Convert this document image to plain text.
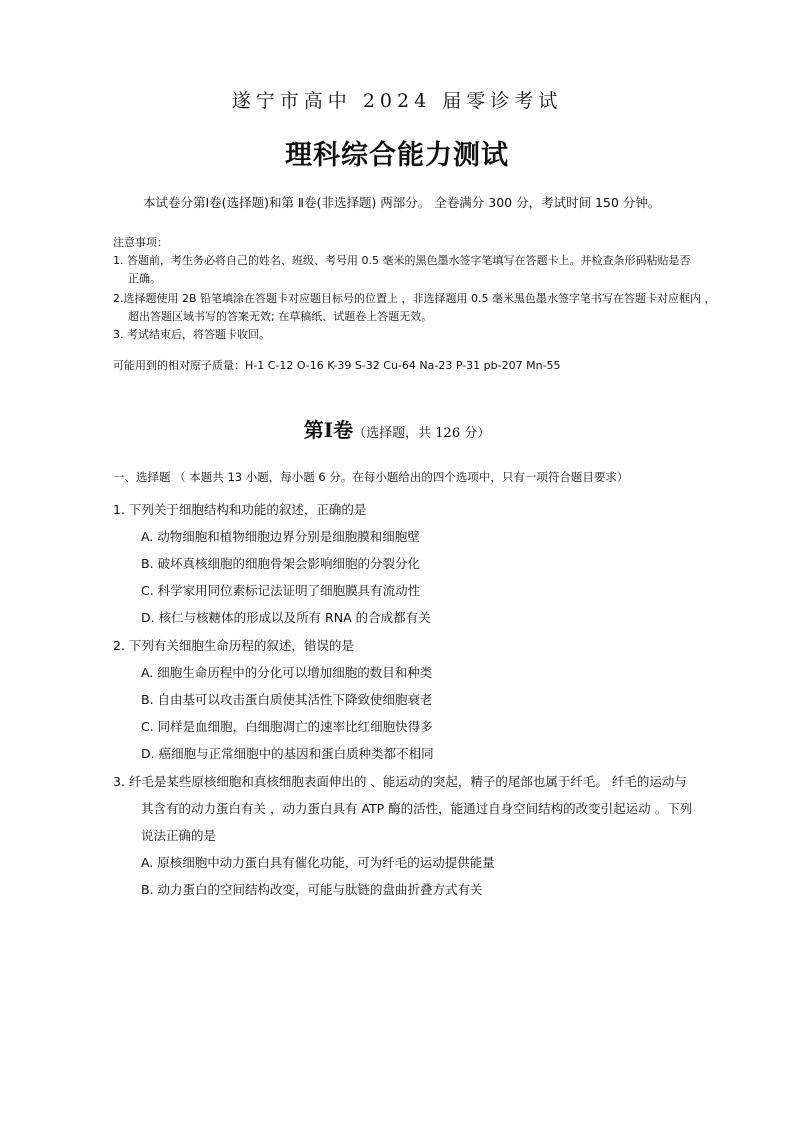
遂宁市高中 2024 届零诊考试
理科综合能力测试
本试卷分第Ⅰ卷(选择题)和第 Ⅱ卷(非选择题) 两部分。 全卷满分 300 分，考试时间 150 分钟。
注意事项：
1. 答题前，考生务必将自己的姓名、班级、考号用 0.5 毫米的黑色墨水签字笔填写在答题卡上。并检查条形码粘贴是否
正确。
2.选择题使用 2B 铅笔填涂在答题卡对应题目标号的位置上 ，非选择题用 0.5 毫米黑色墨水签字笔书写在答题卡对应框内 ，
超出答题区域书写的答案无效; 在草稿纸、试题卷上答题无效。
3. 考试结束后，将答题卡收回。
可能用到的相对原子质量：H-1 C-12 O-16 K-39 S-32 Cu-64 Na-23 P-31 pb-207 Mn-55
第Ⅰ卷（选择题，共 126 分）
一、选择题 （ 本题共 13 小题，每小题 6 分。在每小题给出的四个选项中，只有一项符合题目要求）
1. 下列关于细胞结构和功能的叙述，正确的是
A. 动物细胞和植物细胞边界分别是细胞膜和细胞壁
B. 破坏真核细胞的细胞骨架会影响细胞的分裂分化
C. 科学家用同位素标记法证明了细胞膜具有流动性
D. 核仁与核糖体的形成以及所有 RNA 的合成都有关
2. 下列有关细胞生命历程的叙述，错误的是
A. 细胞生命历程中的分化可以增加细胞的数目和种类
B. 自由基可以攻击蛋白质使其活性下降致使细胞衰老
C. 同样是血细胞，白细胞凋亡的速率比红细胞快得多
D. 癌细胞与正常细胞中的基因和蛋白质种类都不相同
3. 纤毛是某些原核细胞和真核细胞表面伸出的 、能运动的突起，精子的尾部也属于纤毛。 纤毛的运动与
其含有的动力蛋白有关 ，动力蛋白具有 ATP 酶的活性，能通过自身空间结构的改变引起运动 。下列
说法正确的是
A. 原核细胞中动力蛋白具有催化功能，可为纤毛的运动提供能量
B. 动力蛋白的空间结构改变，可能与肽链的盘曲折叠方式有关
